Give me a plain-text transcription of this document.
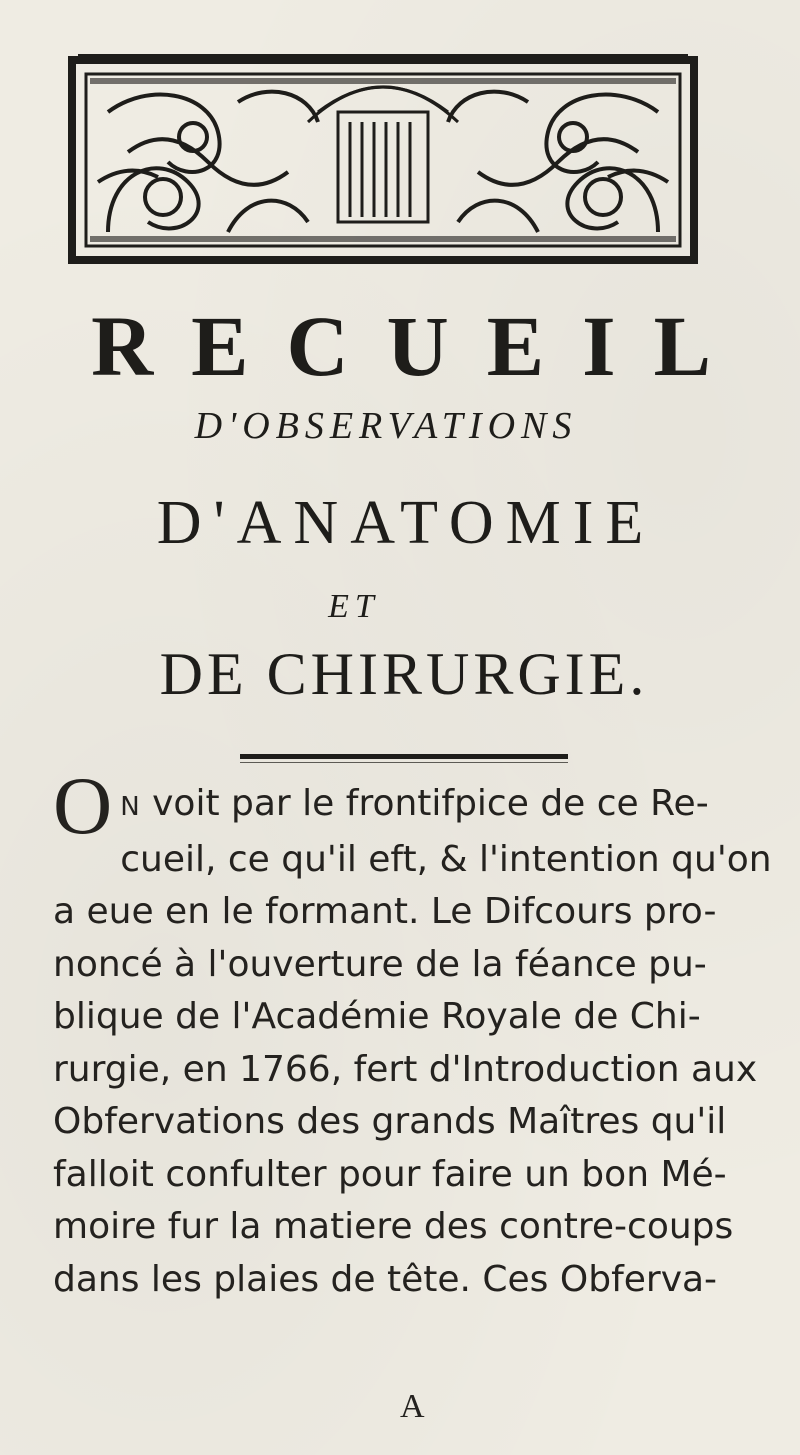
RECUEIL
D'OBSERVATIONS
D'ANATOMIE
ET
DE CHIRURGIE.
O N voit par le frontifpice de ce Re-
cueil, ce qu'il eft, & l'intention qu'on
a eue en le formant. Le Difcours pro-
noncé à l'ouverture de la féance pu-
blique de l'Académie Royale de Chi-
rurgie, en 1766, fert d'Introduction aux
Obfervations des grands Maîtres qu'il
falloit confulter pour faire un bon Mé-
moire fur la matiere des contre-coups
dans les plaies de tête. Ces Obferva-
A
